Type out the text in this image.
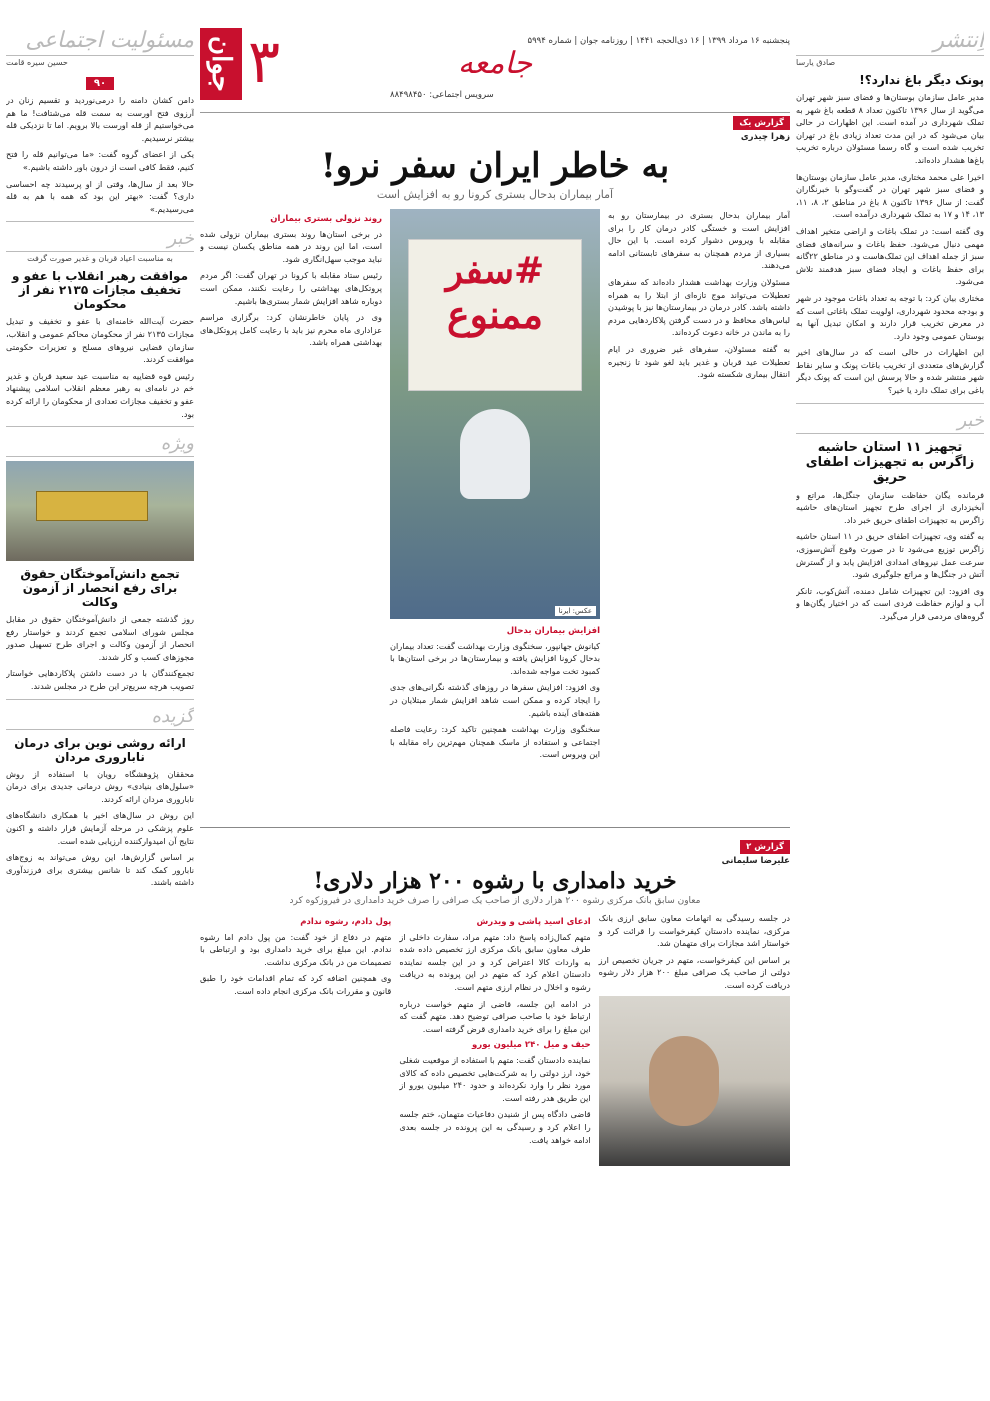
جوان ۳	پنجشنبه ۱۶ مرداد ۱۳۹۹ | ۱۶ ذی‌الحجه ۱۴۴۱ | روزنامه جوان | شماره ۵۹۹۴
جامعه
سرویس اجتماعی: ۸۸۴۹۸۴۵۰
اِنتشر
صادق یارسا
پونک دیگر باغ ندارد؟!

مدیر عامل سازمان بوستان‌ها و فضای سبز شهر تهران می‌گوید از سال ۱۳۹۶ تاکنون تعداد ۸ قطعه باغ شهر به تملک شهرداری در آمده است. این اظهارات در حالی بیان می‌شود که در این مدت تعداد زیادی باغ در تهران تخریب شده است و گاه رسما مسئولان درباره تخریب باغ‌ها هشدار داده‌اند.

اخیرا علی محمد مختاری، مدیر عامل سازمان بوستان‌ها و فضای سبز شهر تهران در گفت‌وگو با خبرنگاران گفت: از سال ۱۳۹۶ تاکنون ۸ باغ در مناطق ۲، ۸، ۱۱، ۱۳، ۱۴ و ۱۷ به تملک شهرداری درآمده است.

وی گفته است: در تملک باغات و اراضی متخیر اهداف مهمی دنبال می‌شود. حفظ باغات و سرانه‌های فضای سبز از جمله اهداف این تملک‌هاست و در مناطق ۲۲گانه برای حفظ باغات و ایجاد فضای سبز هدفمند تلاش می‌شود.

مختاری بیان کرد: با توجه به تعداد باغات موجود در شهر و بودجه محدود شهرداری، اولویت تملک باغاتی است که در معرض تخریب قرار دارند و امکان تبدیل آنها به بوستان عمومی وجود دارد.

این اظهارات در حالی است که در سال‌های اخیر گزارش‌های متعددی از تخریب باغات پونک و سایر نقاط شهر منتشر شده و حالا پرسش این است که پونک دیگر باغی برای تملک دارد یا خیر؟

خبر
تجهیز ۱۱ استان حاشیه زاگرس به تجهیزات اطفای حریق

فرمانده یگان حفاظت سازمان جنگل‌ها، مراتع و آبخیزداری از اجرای طرح تجهیز استان‌های حاشیه زاگرس به تجهیزات اطفای حریق خبر داد.

به گفته وی، تجهیزات اطفای حریق در ۱۱ استان حاشیه زاگرس توزیع می‌شود تا در صورت وقوع آتش‌سوزی، سرعت عمل نیروهای امدادی افزایش یابد و از گسترش آتش در جنگل‌ها و مراتع جلوگیری شود.

وی افزود: این تجهیزات شامل دمنده، آتش‌کوب، تانکر آب و لوازم حفاظت فردی است که در اختیار یگان‌ها و گروه‌های مردمی قرار می‌گیرد.

مسئولیت اجتماعی
حسین سیره قامت
۹۰

دامن کشان دامنه را درمی‌نوردید و تقسیم زنان در آرزوی فتح اورست به سمت قله می‌شتافت! ما هم می‌خواستیم از قله اورست بالا برویم. اما تا نزدیکی قله بیشتر نرسیدیم.

یکی از اعضای گروه گفت: «ما می‌توانیم قله را فتح کنیم، فقط کافی است از درون باور داشته باشیم.»

حالا بعد از سال‌ها، وقتی از او پرسیدند چه احساسی داری؟ گفت: «بهتر این بود که همه با هم به قله می‌رسیدیم.»

خبر
به مناسبت اعیاد قربان و غدیر صورت گرفت
موافقت رهبر انقلاب با عفو و تخفیف مجازات ۲۱۳۵ نفر از محکومان

حضرت آیت‌الله خامنه‌ای با عفو و تخفیف و تبدیل مجازات ۲۱۳۵ نفر از محکومان محاکم عمومی و انقلاب، سازمان قضایی نیروهای مسلح و تعزیرات حکومتی موافقت کردند.

رئیس قوه قضاییه به مناسبت عید سعید قربان و غدیر خم در نامه‌ای به رهبر معظم انقلاب اسلامی پیشنهاد عفو و تخفیف مجازات تعدادی از محکومان را ارائه کرده بود.

ویژه
تجمع دانش‌آموختگان حقوق برای رفع انحصار از آزمون وکالت

روز گذشته جمعی از دانش‌آموختگان حقوق در مقابل مجلس شورای اسلامی تجمع کردند و خواستار رفع انحصار از آزمون وکالت و اجرای طرح تسهیل صدور مجوزهای کسب و کار شدند.

تجمع‌کنندگان با در دست داشتن پلاکاردهایی خواستار تصویب هرچه سریع‌تر این طرح در مجلس شدند.

گزیده
ارائه روشی نوین برای درمان ناباروری مردان

محققان پژوهشگاه رویان با استفاده از روش «سلول‌های بنیادی» روش درمانی جدیدی برای درمان ناباروری مردان ارائه کردند.

این روش در سال‌های اخیر با همکاری دانشگاه‌های علوم پزشکی در مرحله آزمایش قرار داشته و اکنون نتایج آن امیدوارکننده ارزیابی شده است.

بر اساس گزارش‌ها، این روش می‌تواند به زوج‌های نابارور کمک کند تا شانس بیشتری برای فرزندآوری داشته باشند.

گزارش یک
زهرا چیذری
به خاطر ایران سفر نرو!
آمار بیماران بدحال بستری کرونا رو به افزایش است

آمار بیماران بدحال بستری در بیمارستان رو به افزایش است و خستگی کادر درمان کار را برای مقابله با ویروس دشوار کرده است. با این حال بسیاری از مردم همچنان به سفرهای تابستانی ادامه می‌دهند.

مسئولان وزارت بهداشت هشدار داده‌اند که سفرهای تعطیلات می‌تواند موج تازه‌ای از ابتلا را به همراه داشته باشد. کادر درمان در بیمارستان‌ها نیز با پوشیدن لباس‌های محافظ و در دست گرفتن پلاکاردهایی مردم را به ماندن در خانه دعوت کرده‌اند.

به گفته مسئولان، سفرهای غیر ضروری در ایام تعطیلات عید قربان و غدیر باید لغو شود تا زنجیره انتقال بیماری شکسته شود.

#سفر
ممنوع
عکس: ایرنا
افزایش بیماران بدحال

کیانوش جهانپور، سخنگوی وزارت بهداشت گفت: تعداد بیماران بدحال کرونا افزایش یافته و بیمارستان‌ها در برخی استان‌ها با کمبود تخت مواجه شده‌اند.

وی افزود: افزایش سفرها در روزهای گذشته نگرانی‌های جدی را ایجاد کرده و ممکن است شاهد افزایش شمار مبتلایان در هفته‌های آینده باشیم.

سخنگوی وزارت بهداشت همچنین تاکید کرد: رعایت فاصله اجتماعی و استفاده از ماسک همچنان مهم‌ترین راه مقابله با این ویروس است.

روند نزولی بستری بیماران

در برخی استان‌ها روند بستری بیماران نزولی شده است، اما این روند در همه مناطق یکسان نیست و نباید موجب سهل‌انگاری شود.

رئیس ستاد مقابله با کرونا در تهران گفت: اگر مردم پروتکل‌های بهداشتی را رعایت نکنند، ممکن است دوباره شاهد افزایش شمار بستری‌ها باشیم.

وی در پایان خاطرنشان کرد: برگزاری مراسم عزاداری ماه محرم نیز باید با رعایت کامل پروتکل‌های بهداشتی همراه باشد.

گزارش ۲
علیرضا سلیمانی
خرید دامداری با رشوه ۲۰۰ هزار دلاری!
معاون سابق بانک مرکزی رشوه ۲۰۰ هزار دلاری از صاحب یک صرافی را صرف خرید دامداری در فیروزکوه کرد

در جلسه رسیدگی به اتهامات معاون سابق ارزی بانک مرکزی، نماینده دادستان کیفرخواست را قرائت کرد و خواستار اشد مجازات برای متهمان شد.

بر اساس این کیفرخواست، متهم در جریان تخصیص ارز دولتی از صاحب یک صرافی مبلغ ۲۰۰ هزار دلار رشوه دریافت کرده است.

ادعای اسید پاشی و ویدرش

متهم کمال‌زاده پاسخ داد: متهم مراد، سفارت داخلی از طرف معاون سابق بانک مرکزی ارز تخصیص داده شده به واردات کالا اعتراض کرد و در این جلسه نماینده دادستان اعلام کرد که متهم در این پرونده به دریافت رشوه و اخلال در نظام ارزی متهم است.

در ادامه این جلسه، قاضی از متهم خواست درباره ارتباط خود با صاحب صرافی توضیح دهد. متهم گفت که این مبلغ را برای خرید دامداری قرض گرفته است.

حیف و میل ۲۴۰ میلیون یورو

نماینده دادستان گفت: متهم با استفاده از موقعیت شغلی خود، ارز دولتی را به شرکت‌هایی تخصیص داده که کالای مورد نظر را وارد نکرده‌اند و حدود ۲۴۰ میلیون یورو از این طریق هدر رفته است.

قاضی دادگاه پس از شنیدن دفاعیات متهمان، ختم جلسه را اعلام کرد و رسیدگی به این پرونده در جلسه بعدی ادامه خواهد یافت.

پول دادم، رشوه ندادم

متهم در دفاع از خود گفت: من پول دادم اما رشوه ندادم. این مبلغ برای خرید دامداری بود و ارتباطی با تصمیمات من در بانک مرکزی نداشت.

وی همچنین اضافه کرد که تمام اقدامات خود را طبق قانون و مقررات بانک مرکزی انجام داده است.
